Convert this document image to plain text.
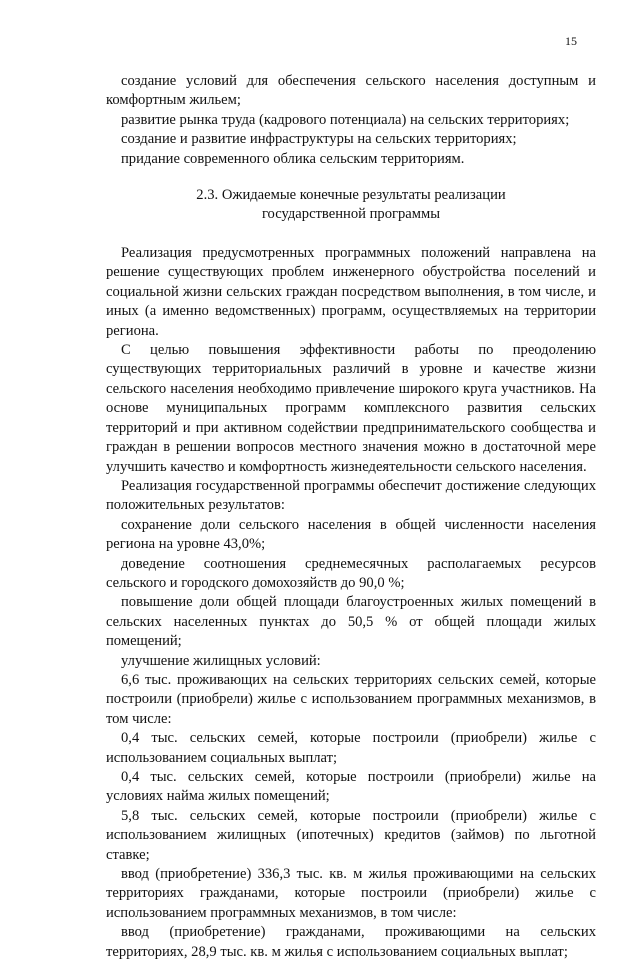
15

создание условий для обеспечения сельского населения доступным и комфортным жильем;

развитие рынка труда (кадрового потенциала) на сельских территориях;

создание и развитие инфраструктуры на сельских территориях;

придание современного облика сельским территориям.

2.3. Ожидаемые конечные результаты реализации
государственной программы

Реализация предусмотренных программных положений направлена на решение существующих проблем инженерного обустройства поселений и социальной жизни сельских граждан посредством выполнения, в том числе, и иных (а именно ведомственных) программ, осуществляемых на территории региона.

С целью повышения эффективности работы по преодолению существующих территориальных различий в уровне и качестве жизни сельского населения необходимо привлечение широкого круга участников. На основе муниципальных программ комплексного развития сельских территорий и при активном содействии предпринимательского сообщества и граждан в решении вопросов местного значения можно в достаточной мере улучшить качество и комфортность жизнедеятельности сельского населения.

Реализация государственной программы обеспечит достижение следующих положительных результатов:

сохранение доли сельского населения в общей численности населения региона на уровне 43,0%;

доведение соотношения среднемесячных располагаемых ресурсов сельского и городского домохозяйств до 90,0 %;

повышение доли общей площади благоустроенных жилых помещений в сельских населенных пунктах до 50,5 % от общей площади жилых помещений;

улучшение жилищных условий:

6,6 тыс. проживающих на сельских территориях сельских семей, которые построили (приобрели) жилье с использованием программных механизмов, в том числе:

0,4 тыс. сельских семей, которые построили (приобрели) жилье с использованием социальных выплат;

0,4 тыс. сельских семей, которые построили (приобрели) жилье на условиях найма жилых помещений;

5,8 тыс. сельских семей, которые построили (приобрели) жилье с использованием жилищных (ипотечных) кредитов (займов) по льготной ставке;

ввод (приобретение) 336,3 тыс. кв. м жилья проживающими на сельских территориях гражданами, которые построили (приобрели) жилье с использованием программных механизмов, в том числе:

ввод (приобретение) гражданами, проживающими на сельских территориях, 28,9 тыс. кв. м жилья с использованием социальных выплат;
